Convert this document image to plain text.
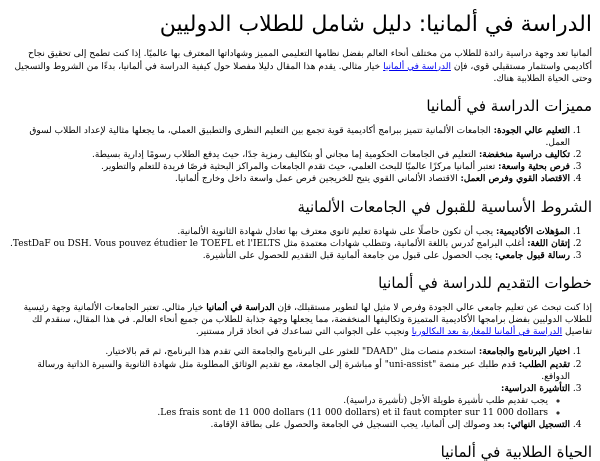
الدراسة في ألمانيا: دليل شامل للطلاب الدوليين

ألمانيا تعد وجهة دراسية رائدة للطلاب من مختلف أنحاء العالم بفضل نظامها التعليمي المميز وشهاداتها المعترف بها عالميًا. إذا كنت تطمح إلى تحقيق نجاح أكاديمي واستثمار مستقبلي قوي، فإن الدراسة في ألمانيا خيار مثالي. يقدم هذا المقال دليلا مفصلا حول كيفية الدراسة في ألمانيا، بدءًا من الشروط والتسجيل وحتى الحياة الطلابية هناك.

مميزات الدراسة في ألمانيا
1. التعليم عالي الجودة: الجامعات الألمانية تتميز ببرامج أكاديمية قوية تجمع بين التعليم النظري والتطبيق العملي، ما يجعلها مثالية لإعداد الطلاب لسوق العمل.
2. تكاليف دراسية منخفضة: التعليم في الجامعات الحكومية إما مجاني أو بتكاليف رمزية جدًا، حيث يدفع الطلاب رسومًا إدارية بسيطة.
3. فرص بحثية واسعة: تعتبر ألمانيا مركزًا عالميًا للبحث العلمي، حيث تقدم الجامعات والمراكز البحثية فرصًا فريدة للتعلم والتطوير.
4. الاقتصاد القوي وفرص العمل: الاقتصاد الألماني القوي يتيح للخريجين فرص عمل واسعة داخل وخارج ألمانيا.
الشروط الأساسية للقبول في الجامعات الألمانية
1. المؤهلات الأكاديمية: يجب أن تكون حاصلًا على شهادة تعليم ثانوي معترف بها تعادل شهادة الثانوية الألمانية.
2. إتقان اللغة: أغلب البرامج تُدرس باللغة الألمانية، وتتطلب شهادات معتمدة مثل TestDaF ou DSH. Vous pouvez étudier le TOEFL et l'IELTS.
3. رسالة قبول جامعي: يجب الحصول على قبول من جامعة ألمانية قبل التقديم للحصول على التأشيرة.
خطوات التقديم للدراسة في ألمانيا

إذا كنت تبحث عن تعليم جامعي عالي الجودة وفرص لا مثيل لها لتطوير مستقبلك، فإن الدراسة في ألمانيا خيار مثالي. تعتبر الجامعات الألمانية وجهة رئيسية للطلاب الدوليين بفضل برامجها الأكاديمية المتميزة وتكاليفها المنخفضة، مما يجعلها وجهة جذابة للطلاب من جميع أنحاء العالم. في هذا المقال، سنقدم لك تفاصيل الدراسة في ألمانيا للمغاربة بعد البكالوريا ونجيب على الجوانب التي تساعدك في اتخاذ قرار مستنير.

1. اختيار البرنامج والجامعة: استخدم منصات مثل "DAAD" للعثور على البرنامج والجامعة التي تقدم هذا البرنامج، ثم قم بالاختيار.
2. تقديم الطلب: قدم طلبك عبر منصة "uni-assist" أو مباشرة إلى الجامعة، مع تقديم الوثائق المطلوبة مثل شهادة الثانوية والسيرة الذاتية ورسالة الدوافع.
3. التأشيرة الدراسية:
◦ يجب تقديم طلب تأشيرة طويلة الأجل (تأشيرة دراسية).
◦ Les frais sont de 11 000 dollars (11 000 dollars) et il faut compter sur 11 000 dollars.
4. التسجيل النهائي: بعد وصولك إلى ألمانيا، يجب التسجيل في الجامعة والحصول على بطاقة الإقامة.
الحياة الطلابية في ألمانيا
